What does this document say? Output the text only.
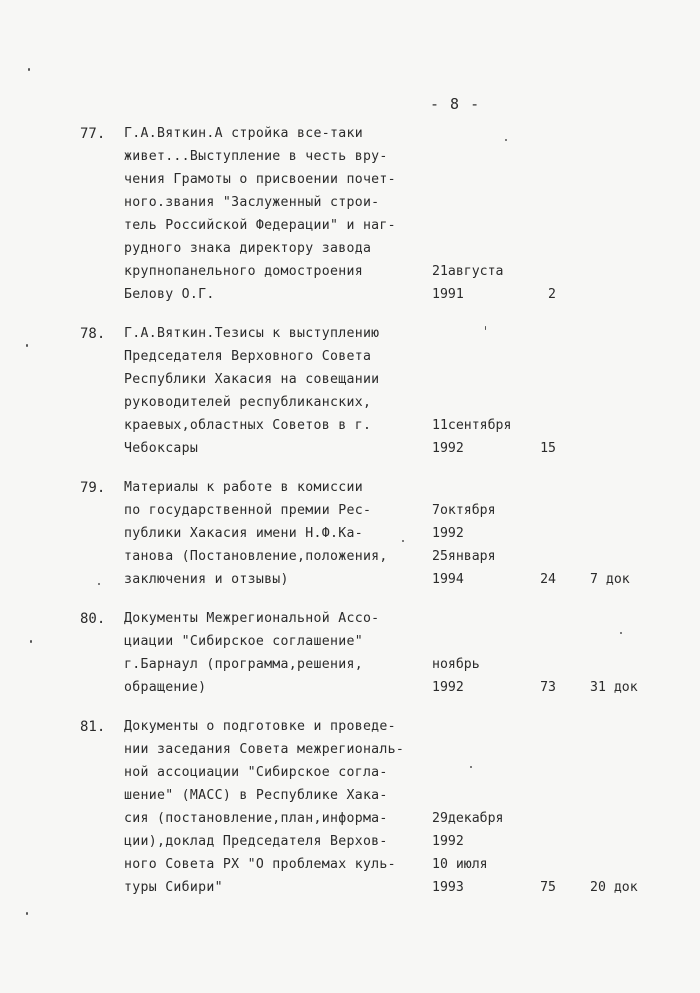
- 8 -
77. Г.А.Вяткин.А стройка все-таки
живет...Выступление в честь вру-
чения Грамоты о присвоении почет-
ного.звания "Заслуженный строи-
тель Российской Федерации" и наг-
рудного знака директору завода
крупнопанельного домостроения
Белову О.Г.
21августа
1991	2
78. Г.А.Вяткин.Тезисы к выступлению
Председателя Верховного Совета
Республики Хакасия на совещании
руководителей республиканских,
краевых,областных Советов в г.
Чебоксары
11сентября
1992	15
79. Материалы к работе в комиссии
по государственной премии Рес-
публики Хакасия имени Н.Ф.Ка-
танова (Постановление,положения,
заключения и отзывы)
7октября
1992
25января
1994	24	7 док
80. Документы Межрегиональной Ассо-
циации "Сибирское соглашение"
г.Барнаул (программа,решения,
обращение)
ноябрь
1992	73	31 док
81. Документы о подготовке и проведе-
нии заседания Совета межрегиональ-
ной ассоциации "Сибирское согла-
шение" (МАСС) в Республике Хака-
сия (постановление,план,информа-
ции),доклад Председателя Верхов-
ного Совета РХ "О проблемах куль-
туры Сибири"
29декабря
1992
10 июля
1993	75	20 док
